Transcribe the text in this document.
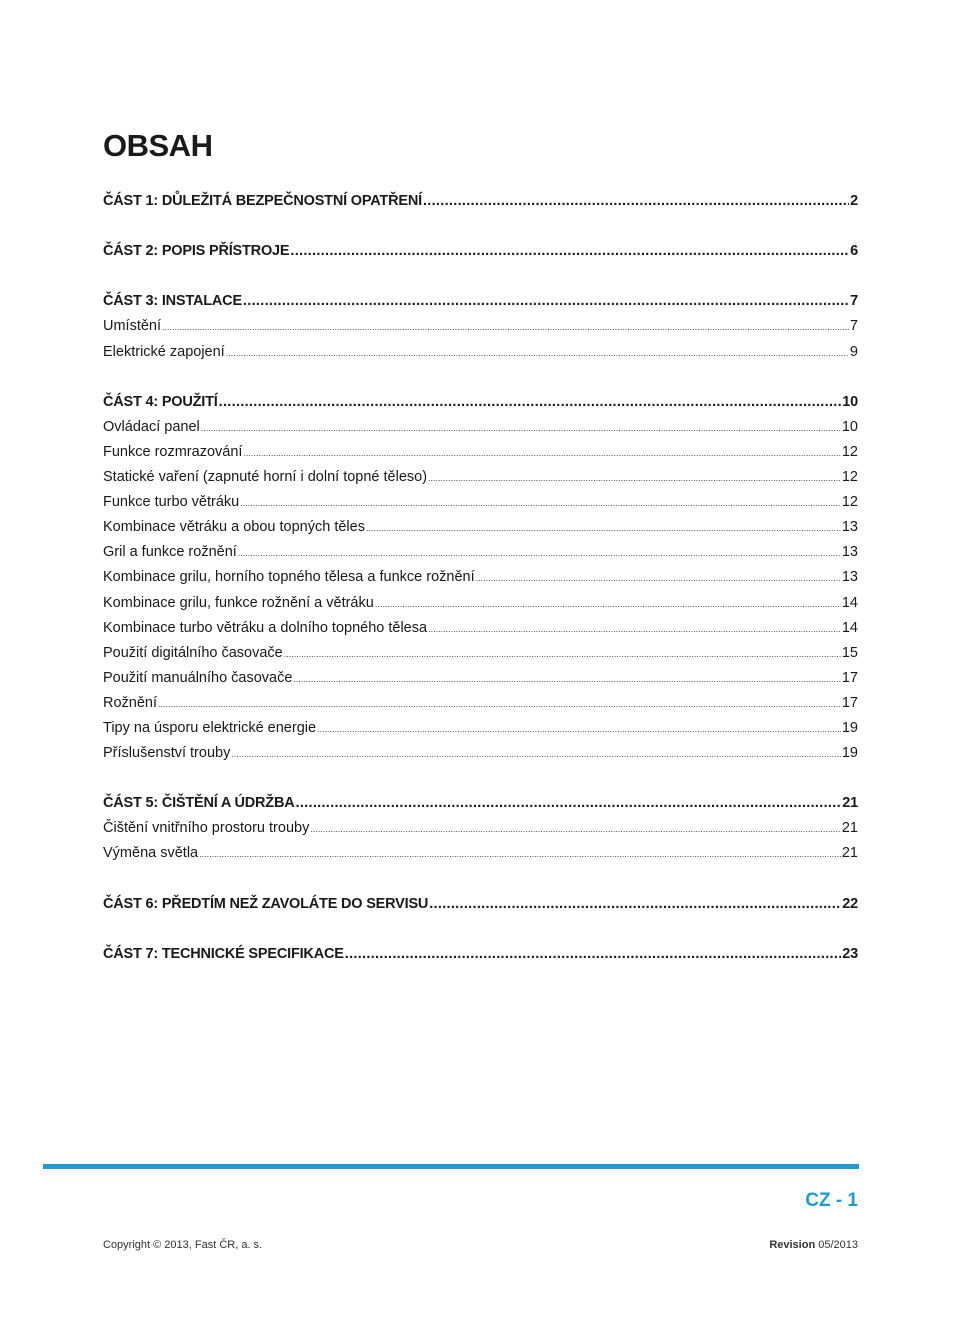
OBSAH
ČÁST 1: DŮLEŽITÁ BEZPEČNOSTNÍ OPATŘENÍ .....	2
ČÁST 2: POPIS PŘÍSTROJE .....	6
ČÁST 3: INSTALACE .....	7
Umístění .....	7
Elektrické zapojení .....	9
ČÁST 4: POUŽITÍ .....	10
Ovládací panel .....	10
Funkce rozmrazování .....	12
Statické vaření (zapnuté horní i dolní topné těleso) .....	12
Funkce turbo větráku .....	12
Kombinace větráku a obou topných těles .....	13
Gril a funkce rožnění .....	13
Kombinace grilu, horního topného tělesa a funkce rožnění .....	13
Kombinace grilu, funkce rožnění a větráku .....	14
Kombinace turbo větráku a dolního topného tělesa .....	14
Použití digitálního časovače .....	15
Použití manuálního časovače .....	17
Rožnění .....	17
Tipy na úsporu elektrické energie .....	19
Příslušenství trouby .....	19
ČÁST 5: ČIŠTĚNÍ A ÚDRŽBA .....	21
Čištění vnitřního prostoru trouby .....	21
Výměna světla .....	21
ČÁST 6: PŘEDTÍM NEŽ ZAVOLÁTE DO SERVISU .....	22
ČÁST 7: TECHNICKÉ SPECIFIKACE .....	23
CZ - 1
Copyright © 2013, Fast ČR, a. s.	Revision 05/2013
